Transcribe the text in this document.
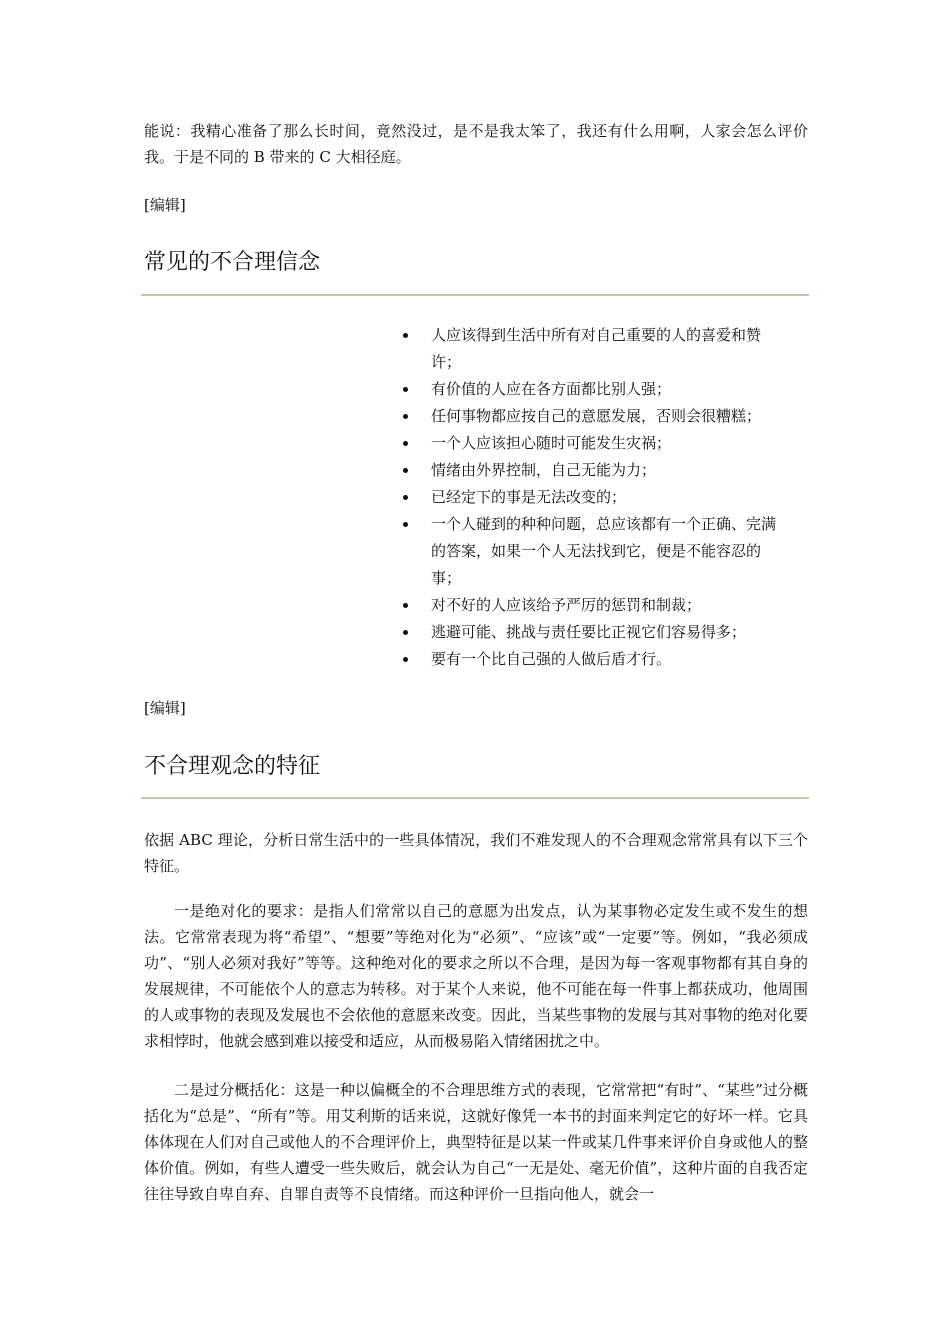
能说：我精心准备了那么长时间，竟然没过，是不是我太笨了，我还有什么用啊，人家会怎么评价我。于是不同的 B 带来的 C 大相径庭。

[编辑]
常见的不合理信念
人应该得到生活中所有对自己重要的人的喜爱和赞许；
有价值的人应在各方面都比别人强；
任何事物都应按自己的意愿发展，否则会很糟糕；
一个人应该担心随时可能发生灾祸；
情绪由外界控制，自己无能为力；
已经定下的事是无法改变的；
一个人碰到的种种问题，总应该都有一个正确、完满的答案，如果一个人无法找到它，便是不能容忍的事；
对不好的人应该给予严厉的惩罚和制裁；
逃避可能、挑战与责任要比正视它们容易得多；
要有一个比自己强的人做后盾才行。
[编辑]
不合理观念的特征

依据 ABC 理论，分析日常生活中的一些具体情况，我们不难发现人的不合理观念常常具有以下三个特征。

一是绝对化的要求：是指人们常常以自己的意愿为出发点，认为某事物必定发生或不发生的想法。它常常表现为将“希望”、“想要”等绝对化为“必须”、“应该”或“一定要”等。例如，“我必须成功”、“别人必须对我好”等等。这种绝对化的要求之所以不合理，是因为每一客观事物都有其自身的发展规律，不可能依个人的意志为转移。对于某个人来说，他不可能在每一件事上都获成功，他周围的人或事物的表现及发展也不会依他的意愿来改变。因此，当某些事物的发展与其对事物的绝对化要求相悖时，他就会感到难以接受和适应，从而极易陷入情绪困扰之中。

二是过分概括化：这是一种以偏概全的不合理思维方式的表现，它常常把“有时”、“某些”过分概括化为“总是”、“所有”等。用艾利斯的话来说，这就好像凭一本书的封面来判定它的好坏一样。它具体体现在人们对自己或他人的不合理评价上，典型特征是以某一件或某几件事来评价自身或他人的整体价值。例如，有些人遭受一些失败后，就会认为自己“一无是处、毫无价值”，这种片面的自我否定往往导致自卑自弃、自罪自责等不良情绪。而这种评价一旦指向他人，就会一
